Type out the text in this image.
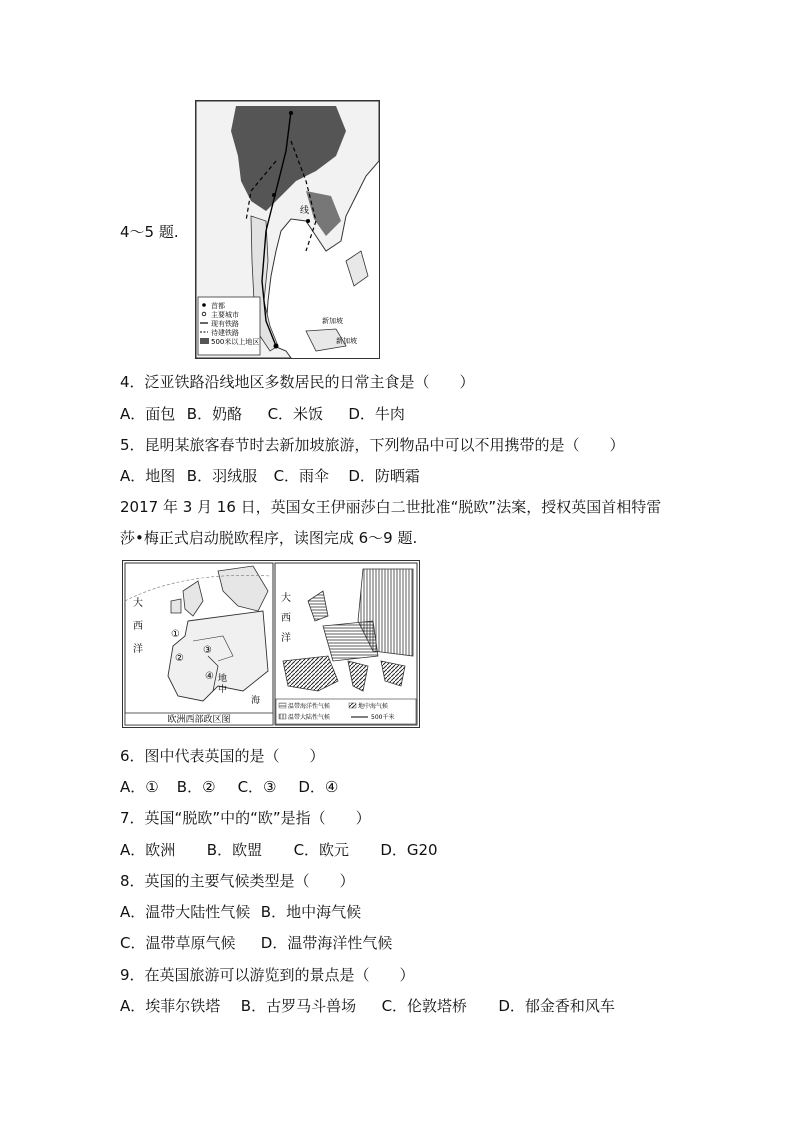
4～5 题.
线
新加坡
新加坡
首都
主要城市
现有铁路
待建铁路
500米以上地区
4．泛亚铁路沿线地区多数居民的日常主食是（　　）
A．面包 B．奶酪 C．米饭 D．牛肉
5．昆明某旅客春节时去新加坡旅游，下列物品中可以不用携带的是（　　）
A．地图 B．羽绒服 C．雨伞 D．防晒霜
2017 年 3 月 16 日，英国女王伊丽莎白二世批准“脱欧”法案，授权英国首相特雷
莎•梅正式启动脱欧程序，读图完成 6～9 题.
大
西
洋
地
中
海
①
②
③
④
欧洲西部政区图
大
西
洋
温带海洋性气候
温带大陆性气候
地中海气候
500千米
6．图中代表英国的是（　　）
A．① B．② C．③ D．④
7．英国“脱欧”中的“欧”是指（　　）
A．欧洲 B．欧盟 C．欧元 D．G20
8．英国的主要气候类型是（　　）
A．温带大陆性气候 B．地中海气候
C．温带草原气候 D．温带海洋性气候
9．在英国旅游可以游览到的景点是（　　）
A．埃菲尔铁塔 B．古罗马斗兽场 C．伦敦塔桥 D．郁金香和风车
